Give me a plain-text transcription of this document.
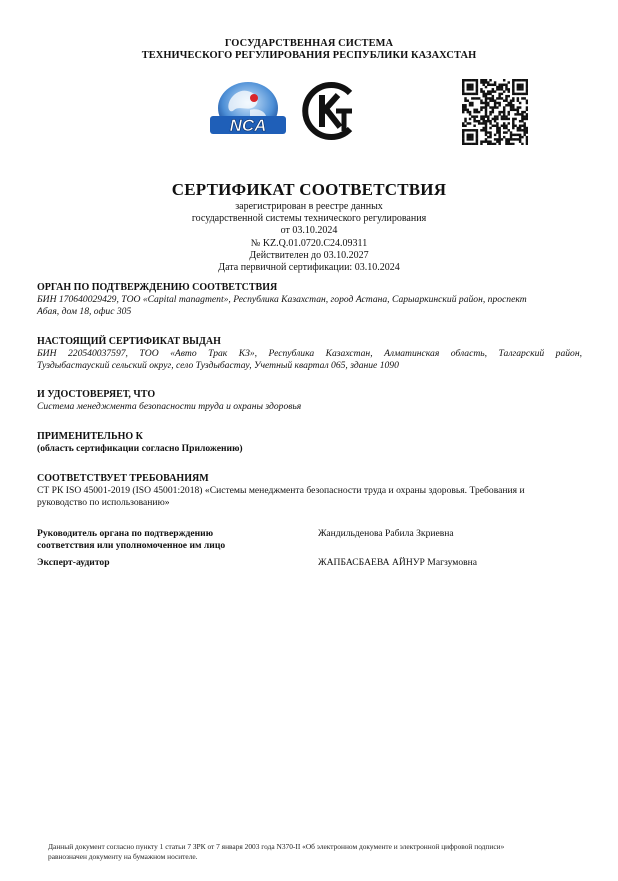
ГОСУДАРСТВЕННАЯ СИСТЕМА
ТЕХНИЧЕСКОГО РЕГУЛИРОВАНИЯ РЕСПУБЛИКИ КАЗАХСТАН
NCA
СЕРТИФИКАТ СООТВЕТСТВИЯ
зарегистрирован в реестре данных
государственной системы технического регулирования
от 03.10.2024
№ KZ.Q.01.0720.C24.09311
Действителен до 03.10.2027
Дата первичной сертификации: 03.10.2024
ОРГАН ПО ПОДТВЕРЖДЕНИЮ СООТВЕТСТВИЯ
БИН 170640029429, ТОО «Capital managment», Республика Казахстан, город Астана, Сарыаркинский район, проспект
Абая, дом 18, офис 305
НАСТОЯЩИЙ СЕРТИФИКАТ ВЫДАН
БИН 220540037597, ТОО «Авто Трак КЗ», Республика Казахстан, Алматинская область, Талгарский район,
Туздыбастауский сельский округ, село Туздыбастау, Учетный квартал 065, здание 1090
И УДОСТОВЕРЯЕТ, ЧТО
Система менеджмента безопасности труда и охраны здоровья
ПРИМЕНИТЕЛЬНО К
(область сертификации согласно Приложению)
СООТВЕТСТВУЕТ ТРЕБОВАНИЯМ
СТ РК ISO 45001-2019 (ISO 45001:2018) «Системы менеджмента безопасности труда и охраны здоровья. Требования и
руководство по использованию»
Руководитель органа по подтверждению
соответствия или уполномоченное им лицо
Жандильденова Рабила Зкриевна
Эксперт-аудитор	ЖАПБАСБАЕВА АЙНУР Магзумовна
Данный документ согласно пункту 1 статьи 7 ЗРК от 7 января 2003 года N370-II «Об электронном документе и электронной цифровой подписи»
равнозначен документу на бумажном носителе.
